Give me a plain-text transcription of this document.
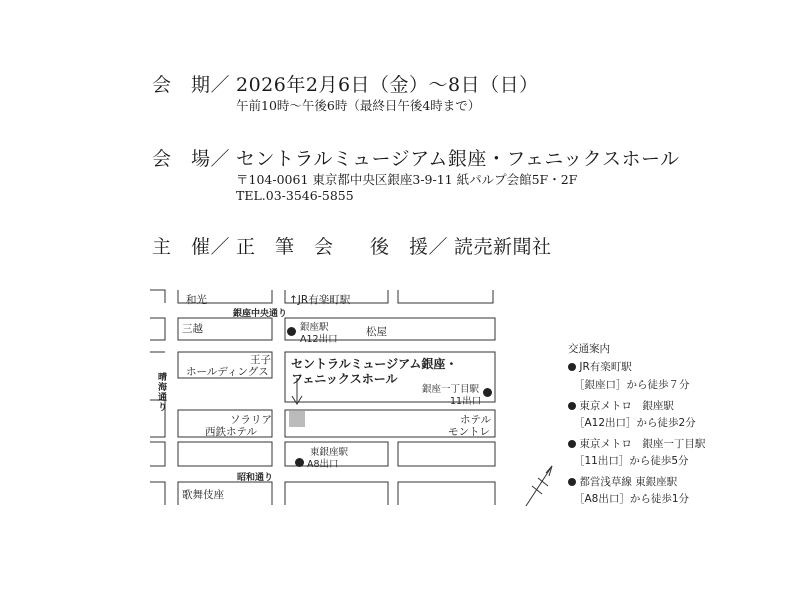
会　期／ 2026年2月6日（金）〜8日（日）
午前10時〜午後6時（最終日午後4時まで）
会　場／ セントラルミュージアム銀座・フェニックスホール
〒104-0061 東京都中央区銀座3-9-11 紙パルプ会館5F・2F
TEL.03-3546-5855
主　催／ 正　筆　会 後　援／ 読売新聞社
和光	↑JR有楽町駅
銀座中央通り
三越	銀座駅
A12出口
松屋
王子
ホールディングス
晴海通り
セントラルミュージアム銀座・
フェニックスホール
銀座一丁目駅
11出口
ソラリア
西鉄ホテル
ホテル
モントレ
東銀座駅
A8出口
昭和通り
歌舞伎座
交通案内
JR有楽町駅
［銀座口］から徒歩７分
東京メトロ　銀座駅
［A12出口］から徒歩2分
東京メトロ　銀座一丁目駅
［11出口］から徒歩5分
都営浅草線 東銀座駅
［A8出口］から徒歩1分
